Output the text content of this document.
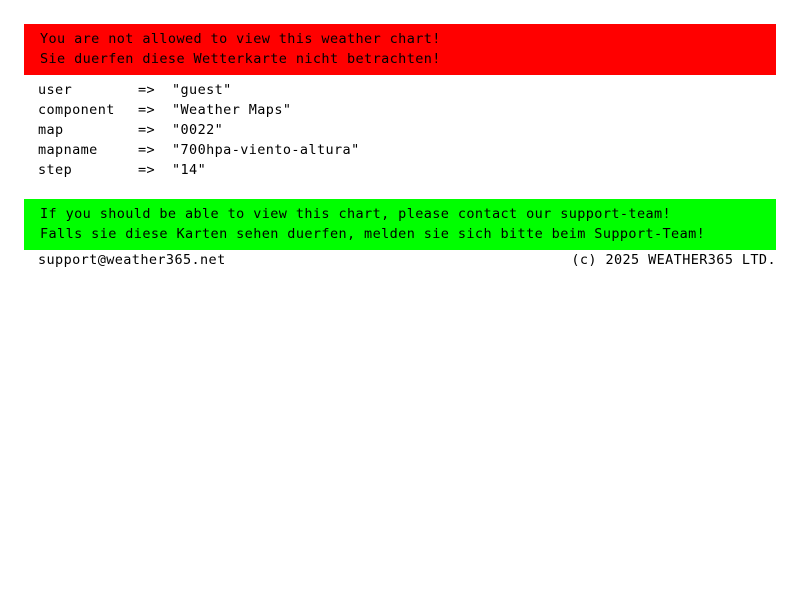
You are not allowed to view this weather chart!
Sie duerfen diese Wetterkarte nicht betrachten!
user	=>	"guest"
component	=>	"Weather Maps"
map	=>	"0022"
mapname	=>	"700hpa-viento-altura"
step	=>	"14"
If you should be able to view this chart, please contact our support-team!
Falls sie diese Karten sehen duerfen, melden sie sich bitte beim Support-Team!
support@weather365.net	(c) 2025 WEATHER365 LTD.
